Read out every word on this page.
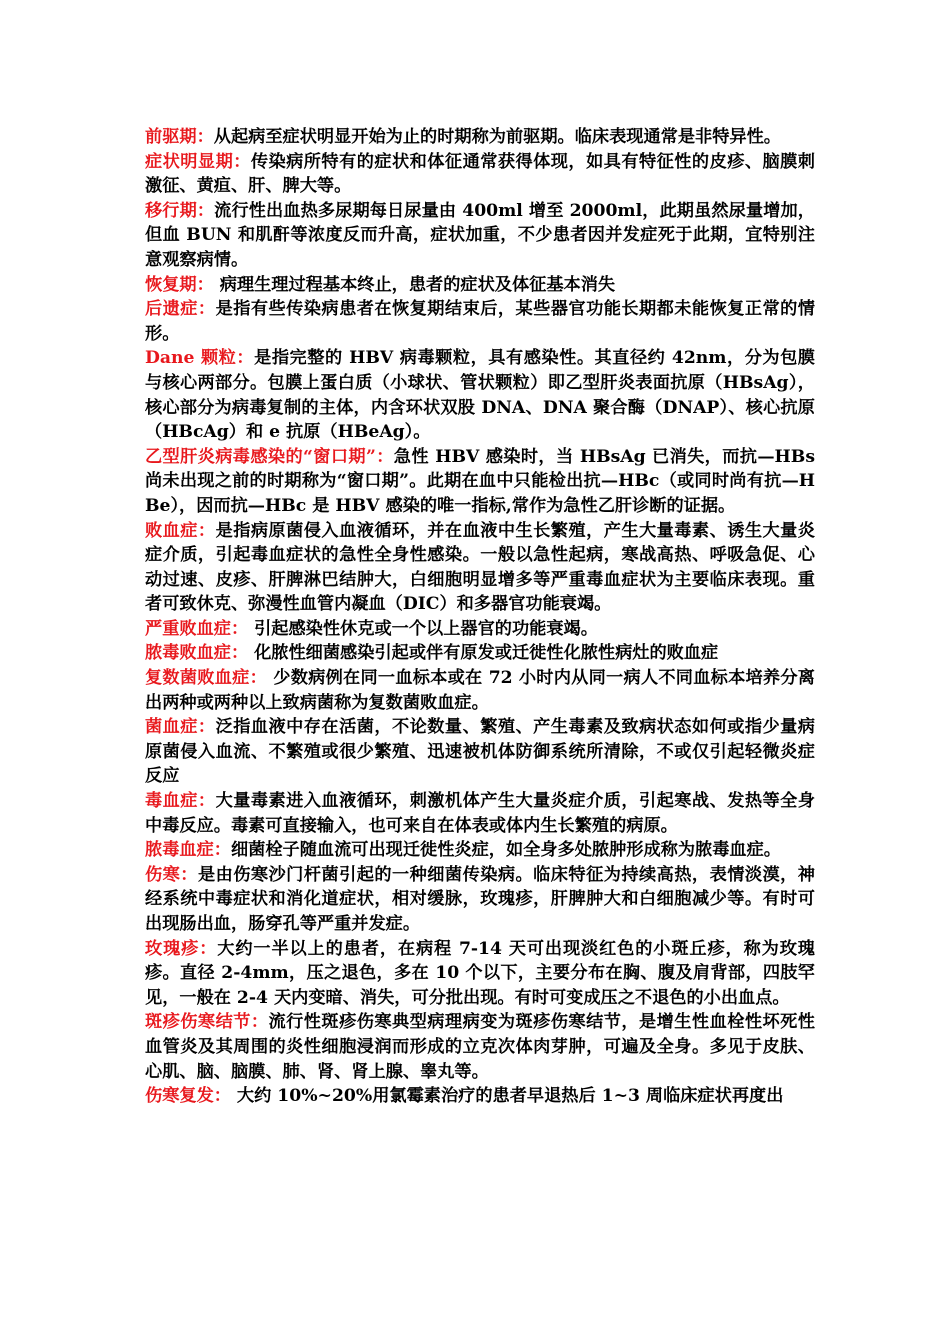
前驱期：从起病至症状明显开始为止的时期称为前驱期。临床表现通常是非特异性。

症状明显期：传染病所特有的症状和体征通常获得体现，如具有特征性的皮疹、脑膜刺激征、黄疸、肝、脾大等。

移行期：流行性出血热多尿期每日尿量由 400ml 增至 2000ml，此期虽然尿量增加，但血 BUN 和肌酐等浓度反而升高，症状加重，不少患者因并发症死于此期，宜特别注意观察病情。

恢复期： 病理生理过程基本终止，患者的症状及体征基本消失

后遗症：是指有些传染病患者在恢复期结束后，某些器官功能长期都未能恢复正常的情形。

Dane 颗粒：是指完整的 HBV 病毒颗粒，具有感染性。其直径约 42nm，分为包膜与核心两部分。包膜上蛋白质（小球状、管状颗粒）即乙型肝炎表面抗原（HBsAg），核心部分为病毒复制的主体，内含环状双股 DNA、DNA 聚合酶（DNAP）、核心抗原（HBcAg）和 e 抗原（HBeAg）。

乙型肝炎病毒感染的“窗口期”：急性 HBV 感染时，当 HBsAg 已消失，而抗—HBs 尚未出现之前的时期称为“窗口期”。此期在血中只能检出抗—HBc（或同时尚有抗—HBe），因而抗—HBc 是 HBV 感染的唯一指标,常作为急性乙肝诊断的证据。

败血症：是指病原菌侵入血液循环，并在血液中生长繁殖，产生大量毒素、诱生大量炎症介质，引起毒血症状的急性全身性感染。一般以急性起病，寒战高热、呼吸急促、心动过速、皮疹、肝脾淋巴结肿大，白细胞明显增多等严重毒血症状为主要临床表现。重者可致休克、弥漫性血管内凝血（DIC）和多器官功能衰竭。

严重败血症： 引起感染性休克或一个以上器官的功能衰竭。

脓毒败血症： 化脓性细菌感染引起或伴有原发或迁徙性化脓性病灶的败血症

复数菌败血症： 少数病例在同一血标本或在 72 小时内从同一病人不同血标本培养分离出两种或两种以上致病菌称为复数菌败血症。

菌血症：泛指血液中存在活菌，不论数量、繁殖、产生毒素及致病状态如何或指少量病原菌侵入血流、不繁殖或很少繁殖、迅速被机体防御系统所清除，不或仅引起轻微炎症反应

毒血症：大量毒素进入血液循环，刺激机体产生大量炎症介质，引起寒战、发热等全身中毒反应。毒素可直接输入，也可来自在体表或体内生长繁殖的病原。

脓毒血症：细菌栓子随血流可出现迁徙性炎症，如全身多处脓肿形成称为脓毒血症。

伤寒：是由伤寒沙门杆菌引起的一种细菌传染病。临床特征为持续高热，表情淡漠，神经系统中毒症状和消化道症状，相对缓脉，玫瑰疹，肝脾肿大和白细胞减少等。有时可出现肠出血，肠穿孔等严重并发症。

玫瑰疹：大约一半以上的患者，在病程 7-14 天可出现淡红色的小斑丘疹，称为玫瑰疹。直径 2-4mm，压之退色，多在 10 个以下，主要分布在胸、腹及肩背部，四肢罕见，一般在 2-4 天内变暗、消失，可分批出现。有时可变成压之不退色的小出血点。

斑疹伤寒结节：流行性斑疹伤寒典型病理病变为斑疹伤寒结节，是增生性血栓性坏死性血管炎及其周围的炎性细胞浸润而形成的立克次体肉芽肿，可遍及全身。多见于皮肤、心肌、脑、脑膜、肺、肾、肾上腺、睾丸等。

伤寒复发： 大约 10%~20%用氯霉素治疗的患者早退热后 1~3 周临床症状再度出
